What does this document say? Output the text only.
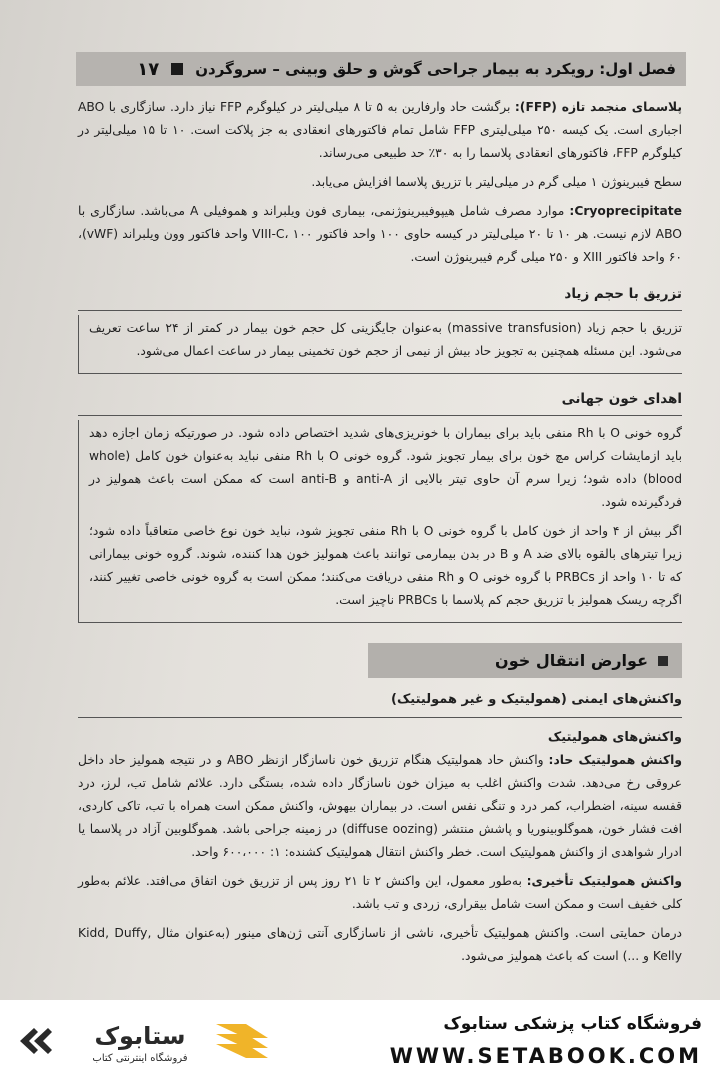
فصل اول: رویکرد به بیمار جراحی گوش و حلق وبینی – سروگردن
۱۷

پلاسمای منجمد تازه (FFP): برگشت حاد وارفارین به ۵ تا ۸ میلی‌لیتر در کیلوگرم FFP نیاز دارد. سازگاری با ABO اجباری است. یک کیسه ۲۵۰ میلی‌لیتری FFP شامل تمام فاکتورهای انعقادی به جز پلاکت است. ۱۰ تا ۱۵ میلی‌لیتر در کیلوگرم FFP، فاکتورهای انعقادی پلاسما را به ۳۰٪ حد طبیعی می‌رساند.

سطح فیبرینوژن ۱ میلی گرم در میلی‌لیتر با تزریق پلاسما افزایش می‌یابد.

Cryoprecipitate: موارد مصرف شامل هیپوفیبرینوژنمی، بیماری فون ویلبراند و هموفیلی A می‌باشد. سازگاری با ABO لازم نیست. هر ۱۰ تا ۲۰ میلی‌لیتر در کیسه حاوی ۱۰۰ واحد فاکتور VIII-C، ۱۰۰ واحد فاکتور وون ویلبراند (vWF)، ۶۰ واحد فاکتور XIII و ۲۵۰ میلی گرم فیبرینوژن است.

تزریق با حجم زیاد

تزریق با حجم زیاد (massive transfusion) به‌عنوان جایگزینی کل حجم خون بیمار در کمتر از ۲۴ ساعت تعریف می‌شود. این مسئله همچنین به تجویز حاد بیش از نیمی از حجم خون تخمینی بیمار در ساعت اعمال می‌شود.

اهدای خون جهانی

گروه خونی O با Rh منفی باید برای بیماران با خونریزی‌های شدید اختصاص داده شود. در صورتیکه زمان اجازه دهد باید ازمایشات کراس مچ خون برای بیمار تجویز شود. گروه خونی O با Rh منفی نباید به‌عنوان خون کامل (whole blood) داده شود؛ زیرا سرم آن حاوی تیتر بالایی از anti-A و anti-B است که ممکن است باعث همولیز در فردگیرنده شود.

اگر بیش از ۴ واحد از خون کامل با گروه خونی O با Rh منفی تجویز شود، نباید خون نوع خاصی متعاقباً داده شود؛ زیرا تیترهای بالقوه بالای ضد A و B در بدن بیمارمی توانند باعث همولیز خون هدا کننده، شوند. گروه خونی بیمارانی که تا ۱۰ واحد از PRBCs با گروه خونی O و Rh منفی دریافت می‌کنند؛ ممکن است به گروه خونی خاصی تغییر کنند، اگرچه ریسک همولیز با تزریق حجم کم پلاسما با PRBCs ناچیز است.

عوارض انتقال خون
واکنش‌های ایمنی (همولیتیک و غیر همولیتیک)
واکنش‌های همولیتیک

واکنش همولیتیک حاد: واکنش حاد همولیتیک هنگام تزریق خون ناسازگار ازنظر ABO و در نتیجه همولیز حاد داخل عروقی رخ می‌دهد. شدت واکنش اغلب به میزان خون ناسازگار داده شده، بستگی دارد. علائم شامل تب، لرز، درد قفسه سینه، اضطراب، کمر درد و تنگی نفس است. در بیماران بیهوش، واکنش ممکن است همراه با تب، تاکی کاردی، افت فشار خون، هموگلوبینوریا و پاشش منتشر (diffuse oozing) در زمینه جراحی باشد. هموگلوبین آزاد در پلاسما یا ادرار شواهدی از واکنش همولیتیک است. خطر واکنش انتقال همولیتیک کشنده: ۱: ۶۰۰،۰۰۰ واحد.

واکنش همولیتیک تأخیری: به‌طور معمول، این واکنش ۲ تا ۲۱ روز پس از تزریق خون اتفاق می‌افتد. علائم به‌طور کلی خفیف است و ممکن است شامل بیقراری، زردی و تب باشد.

درمان حمایتی است. واکنش همولیتیک تأخیری، ناشی از ناسازگاری آنتی ژن‌های مینور (به‌عنوان مثال Kidd, Duffy, Kelly و ...) است که باعث همولیز می‌شود.

ستابوک
فروشگاه اینترنتی کتاب
فروشگاه کتاب پزشکی ستابوک
WWW.SETABOOK.COM
